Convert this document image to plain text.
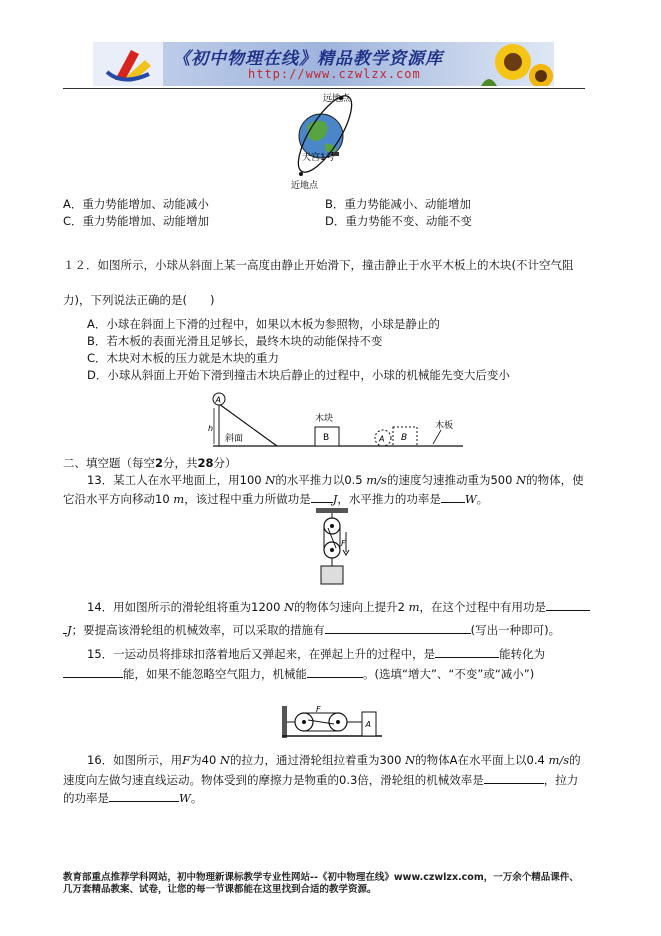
《初中物理在线》精品教学资源库
http://www.czwlzx.com
远地点
天宫1号
近地点
A．重力势能增加、动能减小	B．重力势能减小、动能增加
C．重力势能增加、动能增加	D．重力势能不变、动能不变
１２．如图所示，小球从斜面上某一高度由静止开始滑下，撞击静止于水平木板上的木块(不计空气阻
力)，下列说法正确的是(　　)
A．小球在斜面上下滑的过程中，如果以木板为参照物，小球是静止的
B．若木板的表面光滑且足够长，最终木块的动能保持不变
C．木块对木板的压力就是木块的重力
D．小球从斜面上开始下滑到撞击木块后静止的过程中，小球的机械能先变大后变小
A
h
斜面
木块
B	A B
木板
二、填空题（每空2分，共28分）
13．某工人在水平地面上，用100 N的水平推力以0.5 m/s的速度匀速推动重为500 N的物体，使
它沿水平方向移动10 m，该过程中重力所做功是 J，水平推力的功率是 W。
F
14．用如图所示的滑轮组将重为1200 N的物体匀速向上提升2 m，在这个过程中有用功是
J；要提高该滑轮组的机械效率，可以采取的措施有	(写出一种即可)。
15．一运动员将排球扣落着地后又弹起来，在弹起上升的过程中，是	能转化为
能，如果不能忽略空气阻力，机械能	。(选填“增大”、“不变”或“减小”)
F
A
16．如图所示，用F为40 N的拉力，通过滑轮组拉着重为300 N的物体A在水平面上以0.4 m/s的
速度向左做匀速直线运动。物体受到的摩擦力是物重的0.3倍，滑轮组的机械效率是	，拉力
的功率是	W。
教育部重点推荐学科网站，初中物理新课标教学专业性网站--《初中物理在线》www.czwlzx.com，一万余个精品课件、
几万套精品教案、试卷，让您的每一节课都能在这里找到合适的教学资源。
